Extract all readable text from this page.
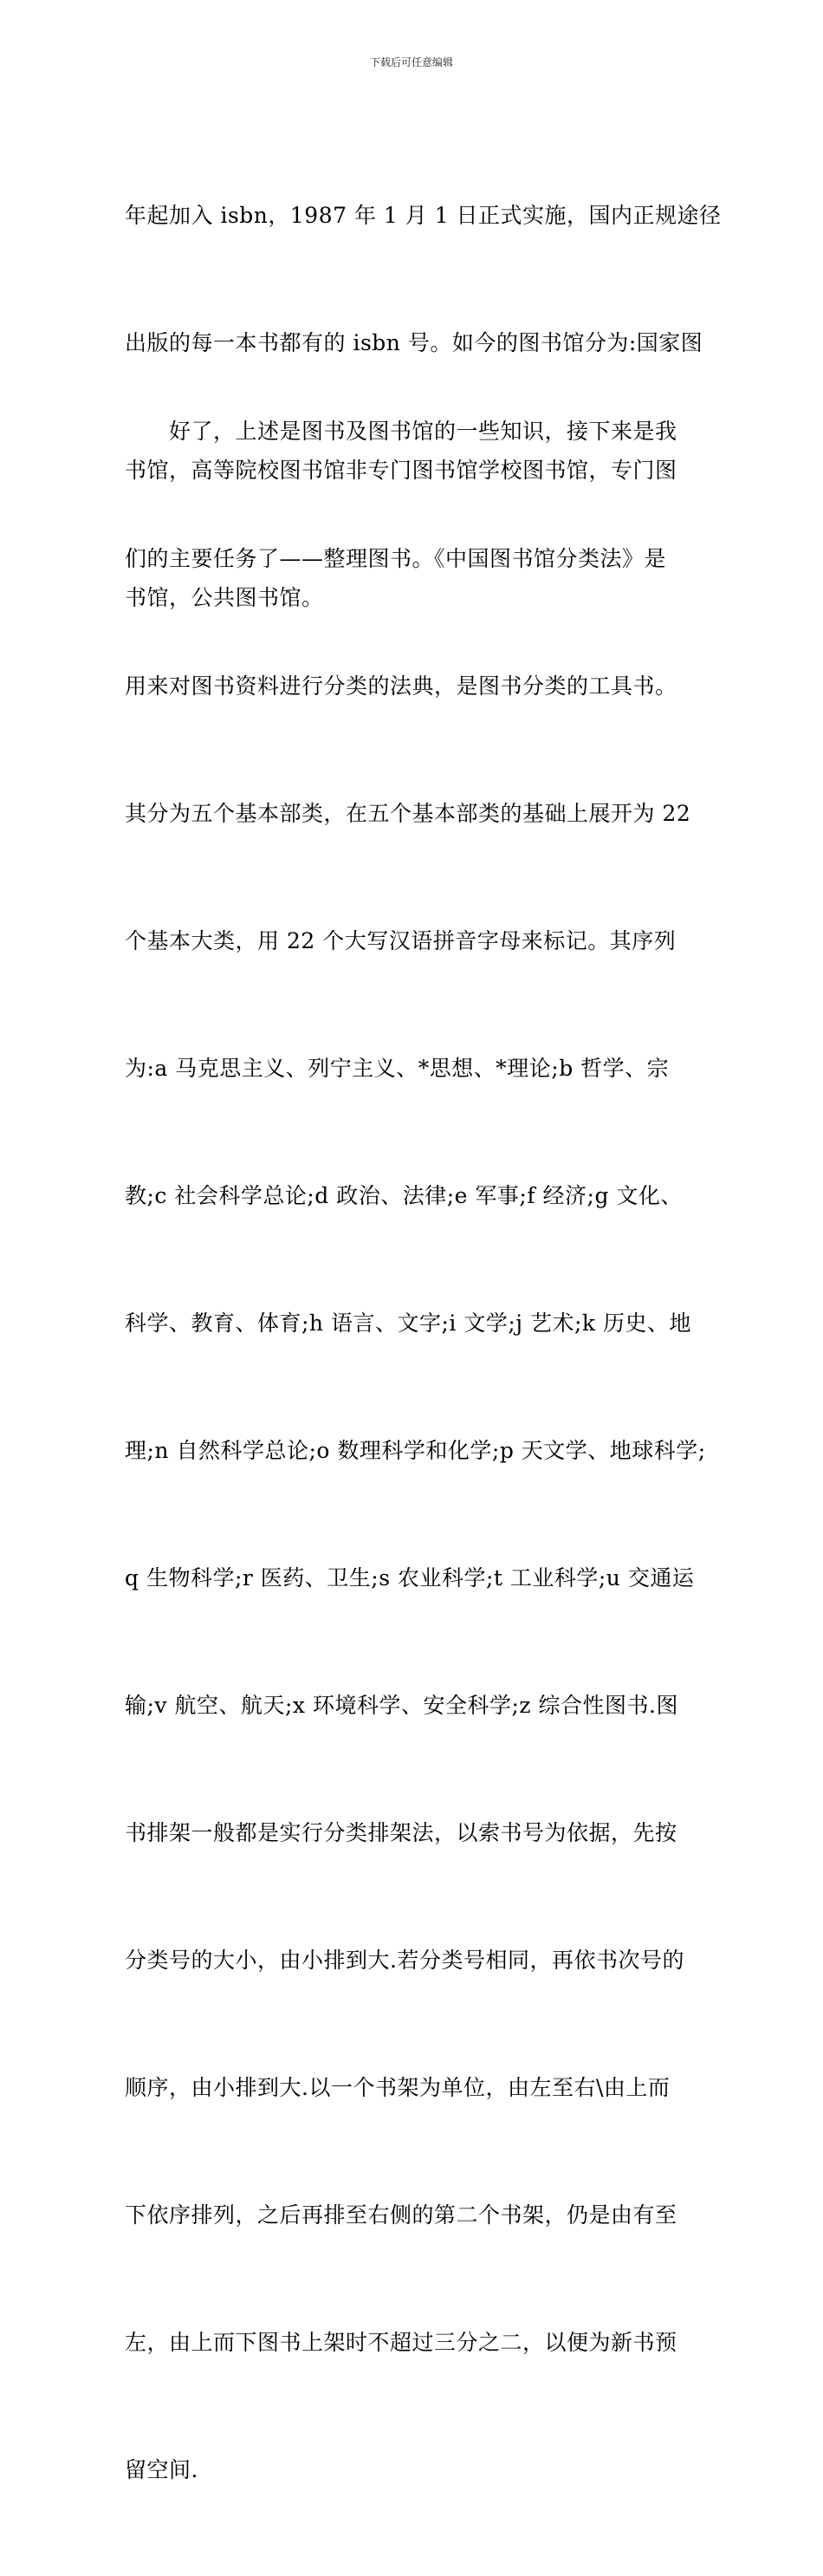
下载后可任意编辑

年起加入 isbn，1987 年 1 月 1 日正式实施，国内正规途径

出版的每一本书都有的 isbn 号。如今的图书馆分为:国家图

书馆，高等院校图书馆非专门图书馆学校图书馆，专门图

书馆，公共图书馆。

　　好了，上述是图书及图书馆的一些知识，接下来是我

们的主要任务了——整理图书。《中国图书馆分类法》是

用来对图书资料进行分类的法典，是图书分类的工具书。

其分为五个基本部类，在五个基本部类的基础上展开为 22

个基本大类，用 22 个大写汉语拼音字母来标记。其序列

为:a 马克思主义、列宁主义、*思想、*理论;b 哲学、宗

教;c 社会科学总论;d 政治、法律;e 军事;f 经济;g 文化、

科学、教育、体育;h 语言、文字;i 文学;j 艺术;k 历史、地

理;n 自然科学总论;o 数理科学和化学;p 天文学、地球科学;

q 生物科学;r 医药、卫生;s 农业科学;t 工业科学;u 交通运

输;v 航空、航天;x 环境科学、安全科学;z 综合性图书.图

书排架一般都是实行分类排架法，以索书号为依据，先按

分类号的大小，由小排到大.若分类号相同，再依书次号的

顺序，由小排到大.以一个书架为单位，由左至右\由上而

下依序排列，之后再排至右侧的第二个书架，仍是由有至

左，由上而下图书上架时不超过三分之二，以便为新书预

留空间.
